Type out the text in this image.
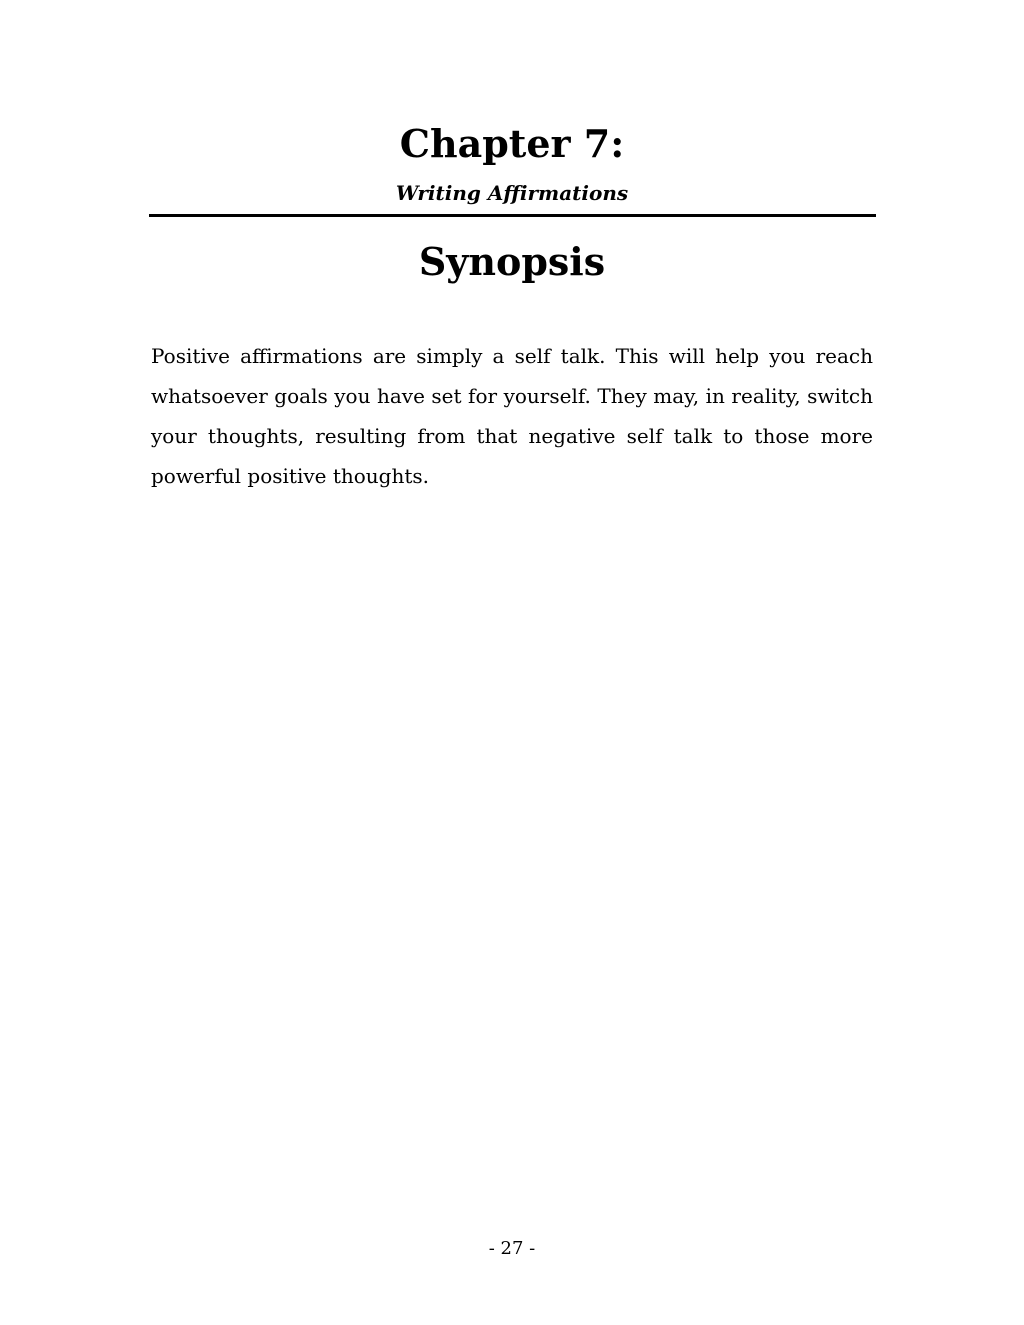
Chapter 7:
Writing Affirmations
Synopsis

Positive affirmations are simply a self talk. This will help you reach whatsoever goals you have set for yourself. They may, in reality, switch your thoughts, resulting from that negative self talk to those more powerful positive thoughts.

- 27 -
